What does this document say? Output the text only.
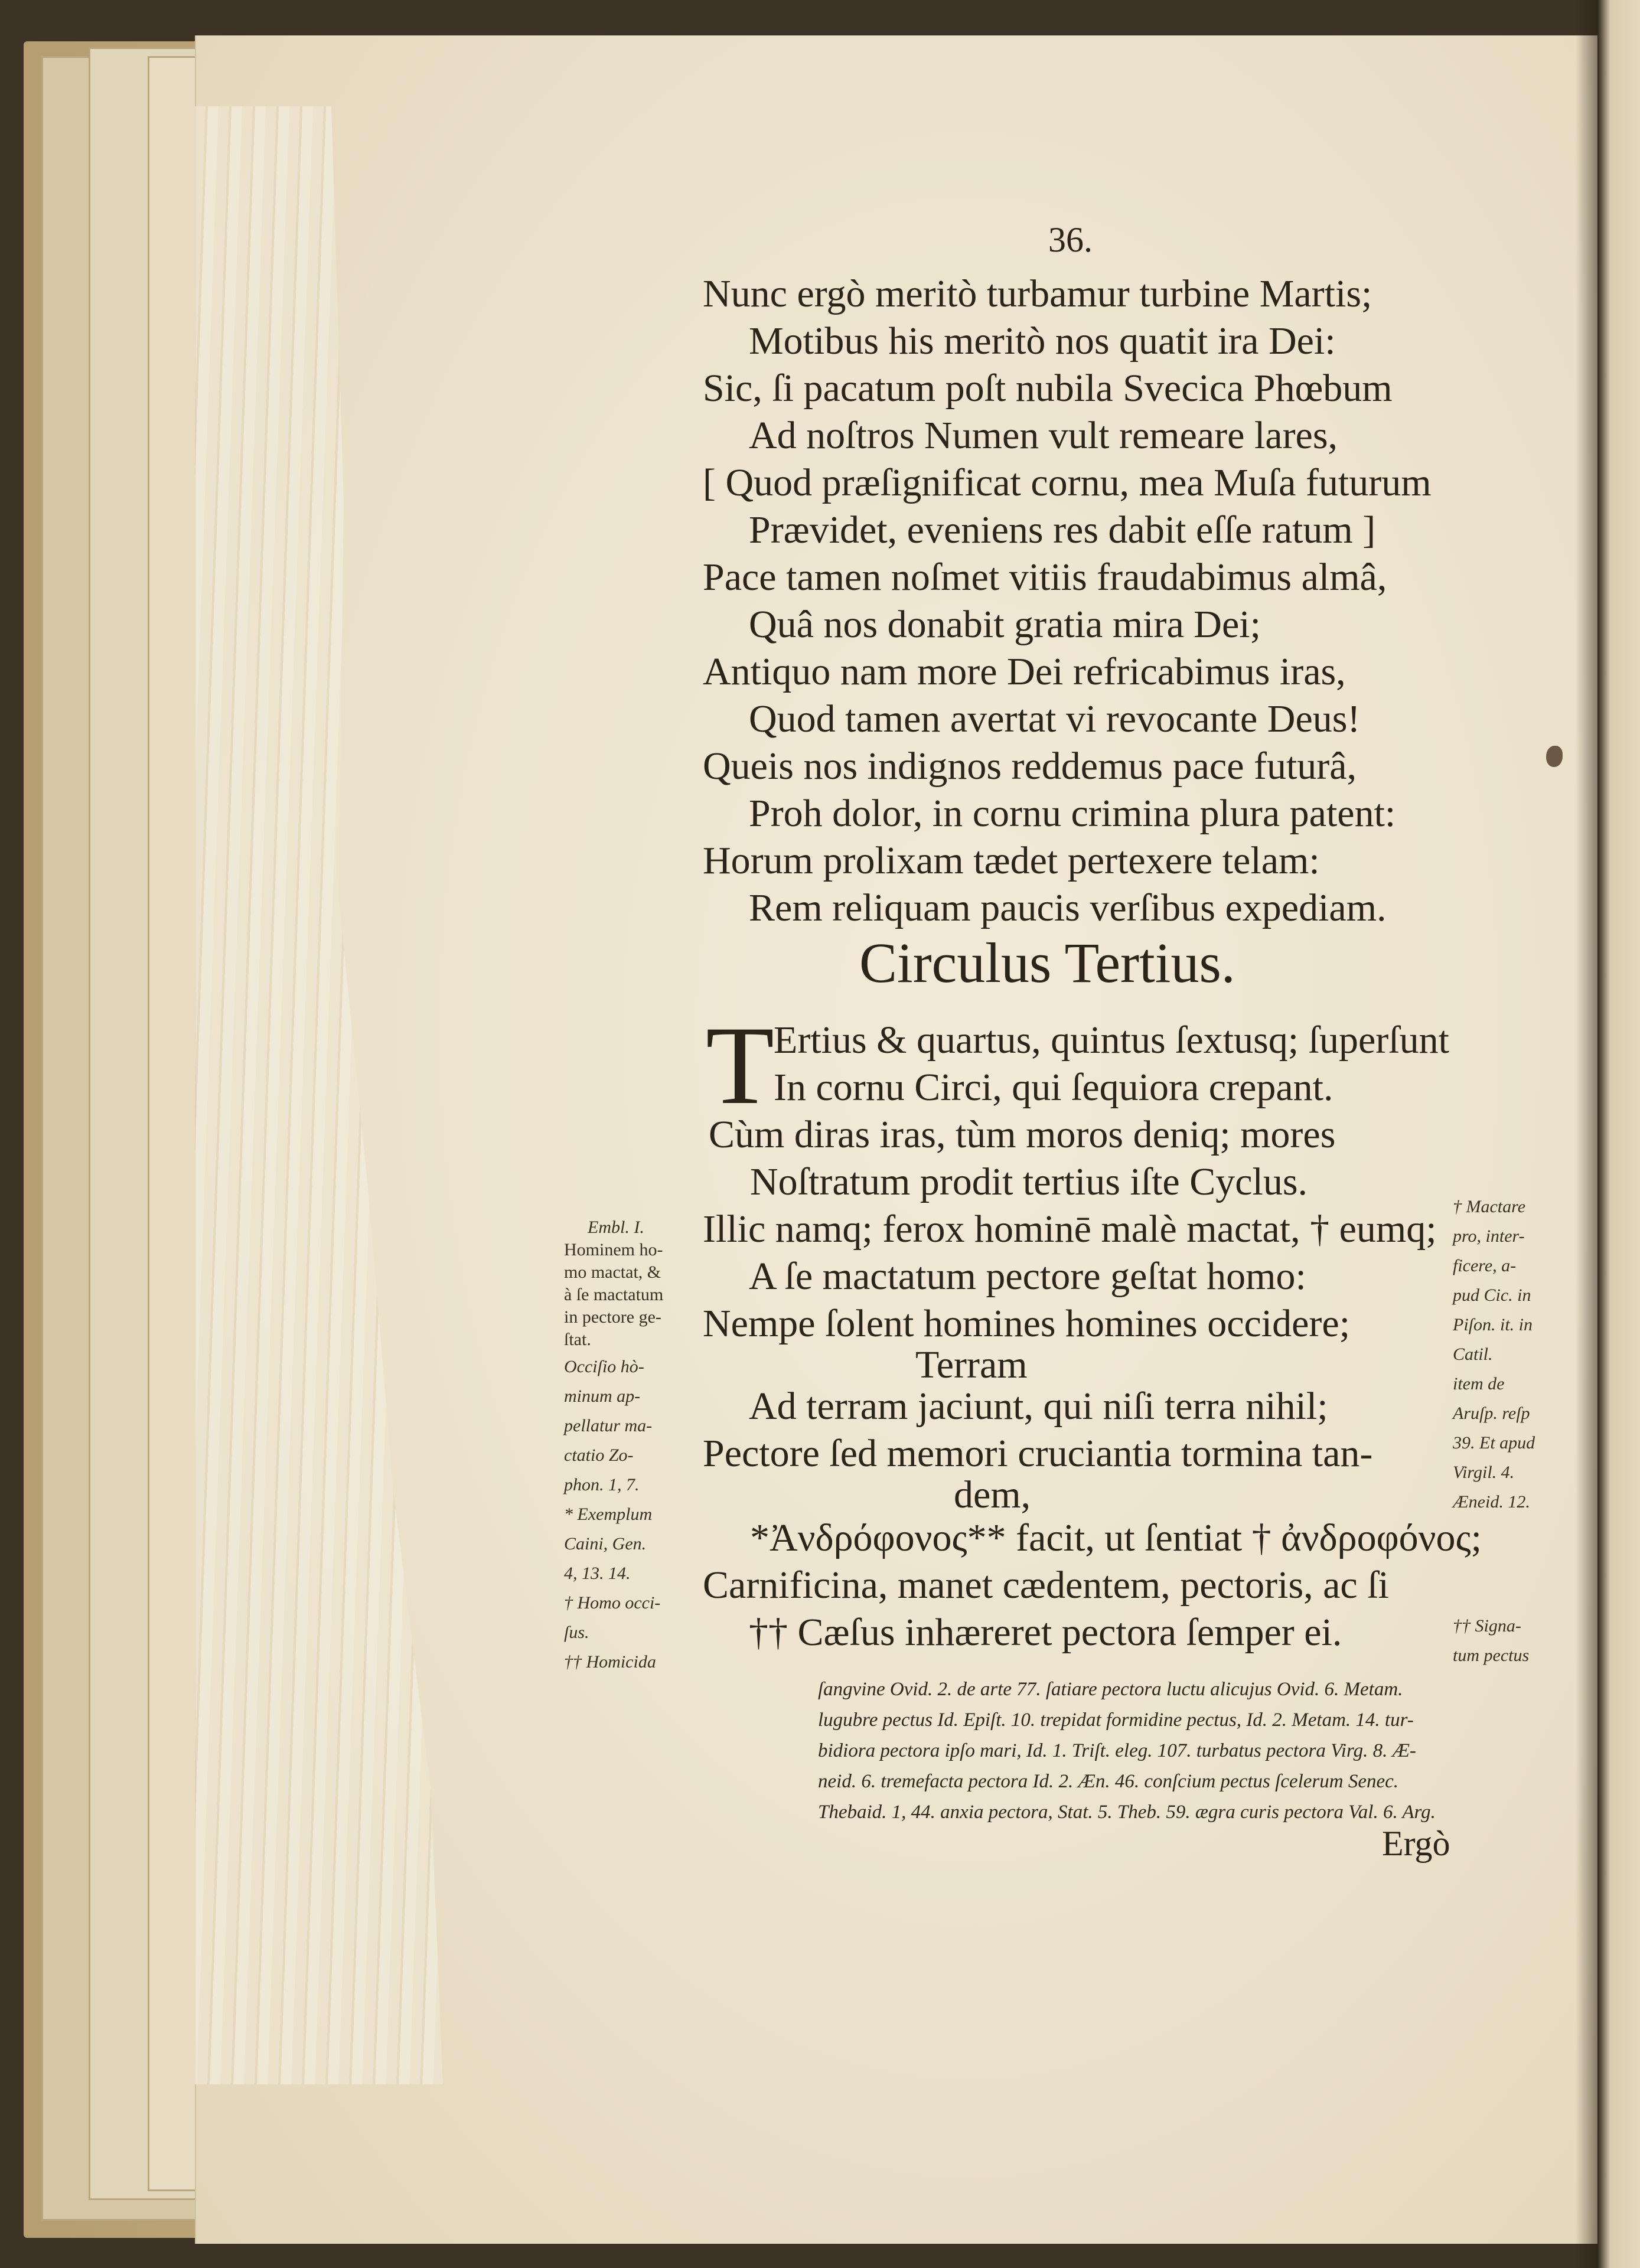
36.
Nunc ergò meritò turbamur turbine Martis;
Motibus his meritò nos quatit ira Dei:
Sic, ſi pacatum poſt nubila Svecica Phœbum
Ad noſtros Numen vult remeare lares,
[ Quod præſignificat cornu, mea Muſa futurum
Prævidet, eveniens res dabit eſſe ratum ]
Pace tamen noſmet vitiis fraudabimus almâ,
Quâ nos donabit gratia mira Dei;
Antiquo nam more Dei refricabimus iras,
Quod tamen avertat vi revocante Deus!
Queis nos indignos reddemus pace futurâ,
Proh dolor, in cornu crimina plura patent:
Horum prolixam tædet pertexere telam:
Rem reliquam paucis verſibus expediam.
Circulus Tertius.
T
Ertius & quartus, quintus ſextusq; ſuperſunt
In cornu Circi, qui ſequiora crepant.
Cùm diras iras, tùm moros deniq; mores
Noſtratum prodit tertius iſte Cyclus.
Illic namq; ferox hominē malè mactat, † eumq;
A ſe mactatum pectore geſtat homo:
Nempe ſolent homines homines occidere;
Terram
Ad terram jaciunt, qui niſi terra nihil;
Pectore ſed memori cruciantia tormina tan-
dem,
*Ἀνδρόφονος** facit, ut ſentiat † ἀνδροφόνος;
Carnificina, manet cædentem, pectoris, ac ſi
†† Cæſus inhæreret pectora ſemper ei.
Embl. I.
Hominem ho-
mo mactat, &
à ſe mactatum
in pectore ge-
ſtat.
Occiſio hò-
minum ap-
pellatur ma-
ctatio Zo-
phon. 1, 7.
* Exemplum
Caini, Gen.
4, 13. 14.
† Homo occi-
ſus.
†† Homicida
† Mactare
pro, inter-
ficere, a-
pud Cic. in
Piſon. it. in
Catil.
item de
Aruſp. reſp
39. Et apud
Virgil. 4.
Æneid. 12.
†† Signa-
tum pectus
ſangvine Ovid. 2. de arte 77. ſatiare pectora luctu alicujus Ovid. 6. Metam.
lugubre pectus Id. Epiſt. 10. trepidat formidine pectus, Id. 2. Metam. 14. tur-
bidiora pectora ipſo mari, Id. 1. Triſt. eleg. 107. turbatus pectora Virg. 8. Æ-
neid. 6. tremefacta pectora Id. 2. Æn. 46. conſcium pectus ſcelerum Senec.
Thebaid. 1, 44. anxia pectora, Stat. 5. Theb. 59. ægra curis pectora Val. 6. Arg.
Ergò
